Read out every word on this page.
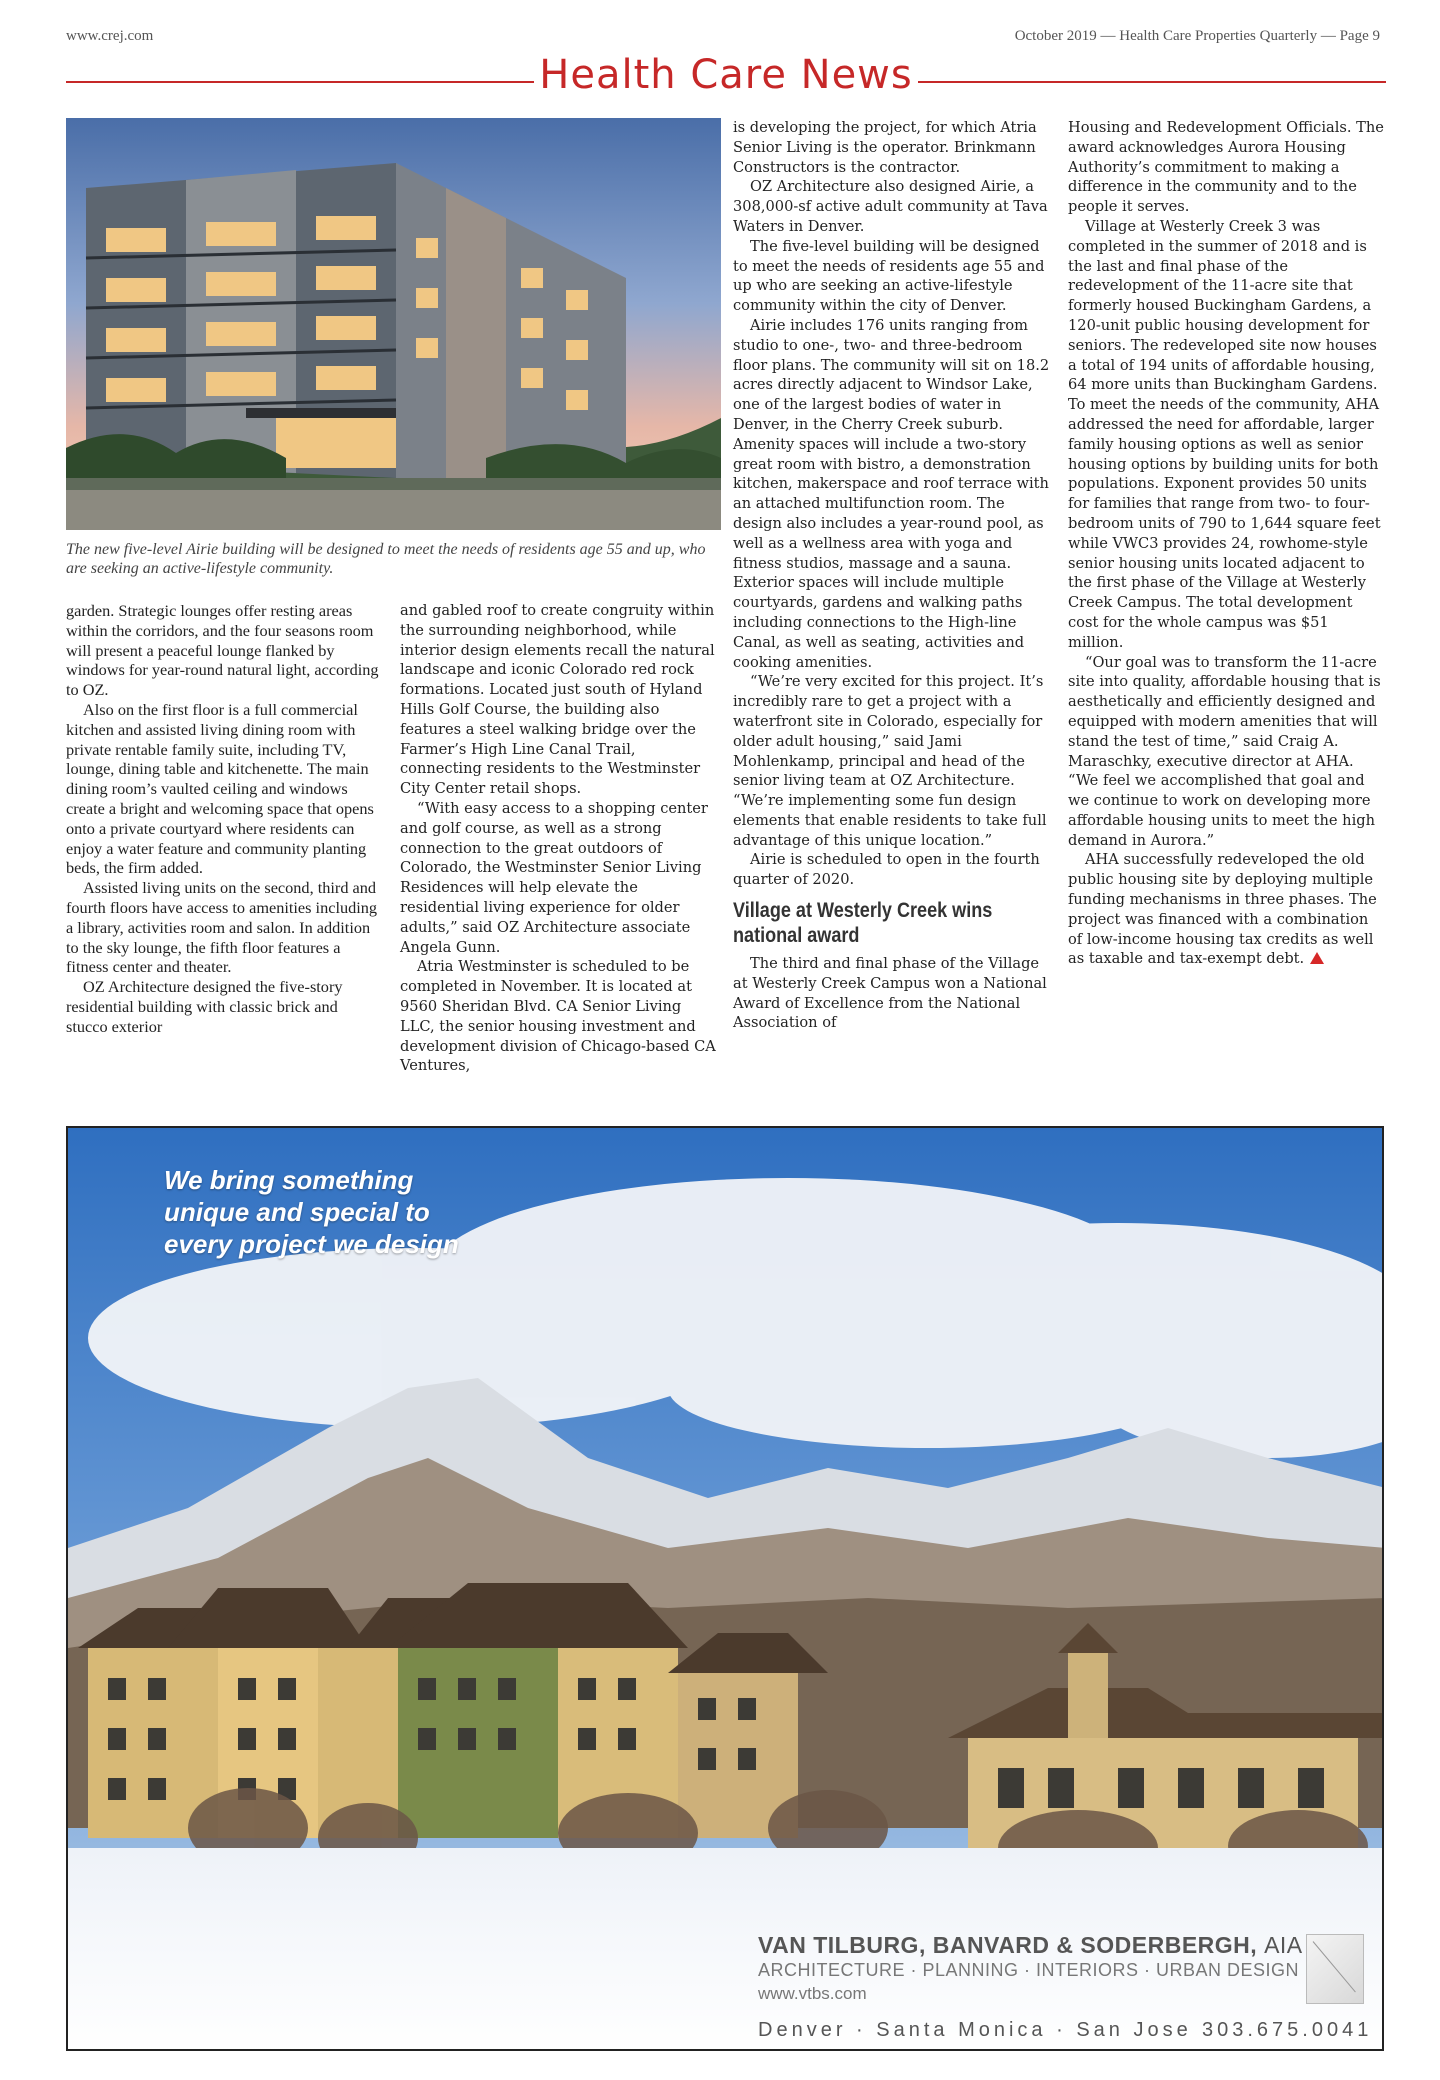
www.crej.com	October 2019 — Health Care Properties Quarterly — Page 9
Health Care News
The new five-level Airie building will be designed to meet the needs of residents age 55 and up, who are seeking an active-lifestyle community.

garden. Strategic lounges offer resting areas within the corridors, and the four seasons room will present a peaceful lounge flanked by windows for year-round natural light, according to OZ.

Also on the first floor is a full commercial kitchen and assisted living dining room with private rentable family suite, including TV, lounge, dining table and kitchenette. The main dining room’s vaulted ceiling and windows create a bright and welcoming space that opens onto a private courtyard where residents can enjoy a water feature and community planting beds, the firm added.

Assisted living units on the second, third and fourth floors have access to amenities including a library, activities room and salon. In addition to the sky lounge, the fifth floor features a fitness center and theater.

OZ Architecture designed the five-story residential building with classic brick and stucco exterior

and gabled roof to create congruity within the surrounding neighborhood, while interior design elements recall the natural landscape and iconic Colorado red rock formations. Located just south of Hyland Hills Golf Course, the building also features a steel walking bridge over the Farmer’s High Line Canal Trail, connecting residents to the Westminster City Center retail shops.

“With easy access to a shopping center and golf course, as well as a strong connection to the great outdoors of Colorado, the Westminster Senior Living Residences will help elevate the residential living experience for older adults,” said OZ Architecture associate Angela Gunn.

Atria Westminster is scheduled to be completed in November. It is located at 9560 Sheridan Blvd. CA Senior Living LLC, the senior housing investment and development division of Chicago-based CA Ventures,

is developing the project, for which Atria Senior Living is the operator. Brinkmann Constructors is the contractor.

OZ Architecture also designed Airie, a 308,000-sf active adult community at Tava Waters in Denver.

The five-level building will be designed to meet the needs of residents age 55 and up who are seeking an active-lifestyle community within the city of Denver.

Airie includes 176 units ranging from studio to one-, two- and three-bedroom floor plans. The community will sit on 18.2 acres directly adjacent to Windsor Lake, one of the largest bodies of water in Denver, in the Cherry Creek suburb. Amenity spaces will include a two-story great room with bistro, a demonstration kitchen, makerspace and roof terrace with an attached multifunction room. The design also includes a year-round pool, as well as a wellness area with yoga and fitness studios, massage and a sauna. Exterior spaces will include multiple courtyards, gardens and walking paths including connections to the High-line Canal, as well as seating, activities and cooking amenities.

“We’re very excited for this project. It’s incredibly rare to get a project with a waterfront site in Colorado, especially for older adult housing,” said Jami Mohlenkamp, principal and head of the senior living team at OZ Architecture. “We’re implementing some fun design elements that enable residents to take full advantage of this unique location.”

Airie is scheduled to open in the fourth quarter of 2020.

Village at Westerly Creek wins national award

The third and final phase of the Village at Westerly Creek Campus won a National Award of Excellence from the National Association of

Housing and Redevelopment Officials. The award acknowledges Aurora Housing Authority’s commitment to making a difference in the community and to the people it serves.

Village at Westerly Creek 3 was completed in the summer of 2018 and is the last and final phase of the redevelopment of the 11-acre site that formerly housed Buckingham Gardens, a 120-unit public housing development for seniors. The redeveloped site now houses a total of 194 units of affordable housing, 64 more units than Buckingham Gardens. To meet the needs of the community, AHA addressed the need for affordable, larger family housing options as well as senior housing options by building units for both populations. Exponent provides 50 units for families that range from two- to four-bedroom units of 790 to 1,644 square feet while VWC3 provides 24, rowhome-style senior housing units located adjacent to the first phase of the Village at Westerly Creek Campus. The total development cost for the whole campus was $51 million.

“Our goal was to transform the 11-acre site into quality, affordable housing that is aesthetically and efficiently designed and equipped with modern amenities that will stand the test of time,” said Craig A. Maraschky, executive director at AHA. “We feel we accomplished that goal and we continue to work on developing more affordable housing units to meet the high demand in Aurora.”

AHA successfully redeveloped the old public housing site by deploying multiple funding mechanisms in three phases. The project was financed with a combination of low-income housing tax credits as well as taxable and tax-exempt debt.

We bring something unique and special to every project we design
VAN TILBURG, BANVARD & SODERBERGH, AIA
ARCHITECTURE · PLANNING · INTERIORS · URBAN DESIGN
www.vtbs.com
Denver · Santa Monica · San Jose 303.675.0041
